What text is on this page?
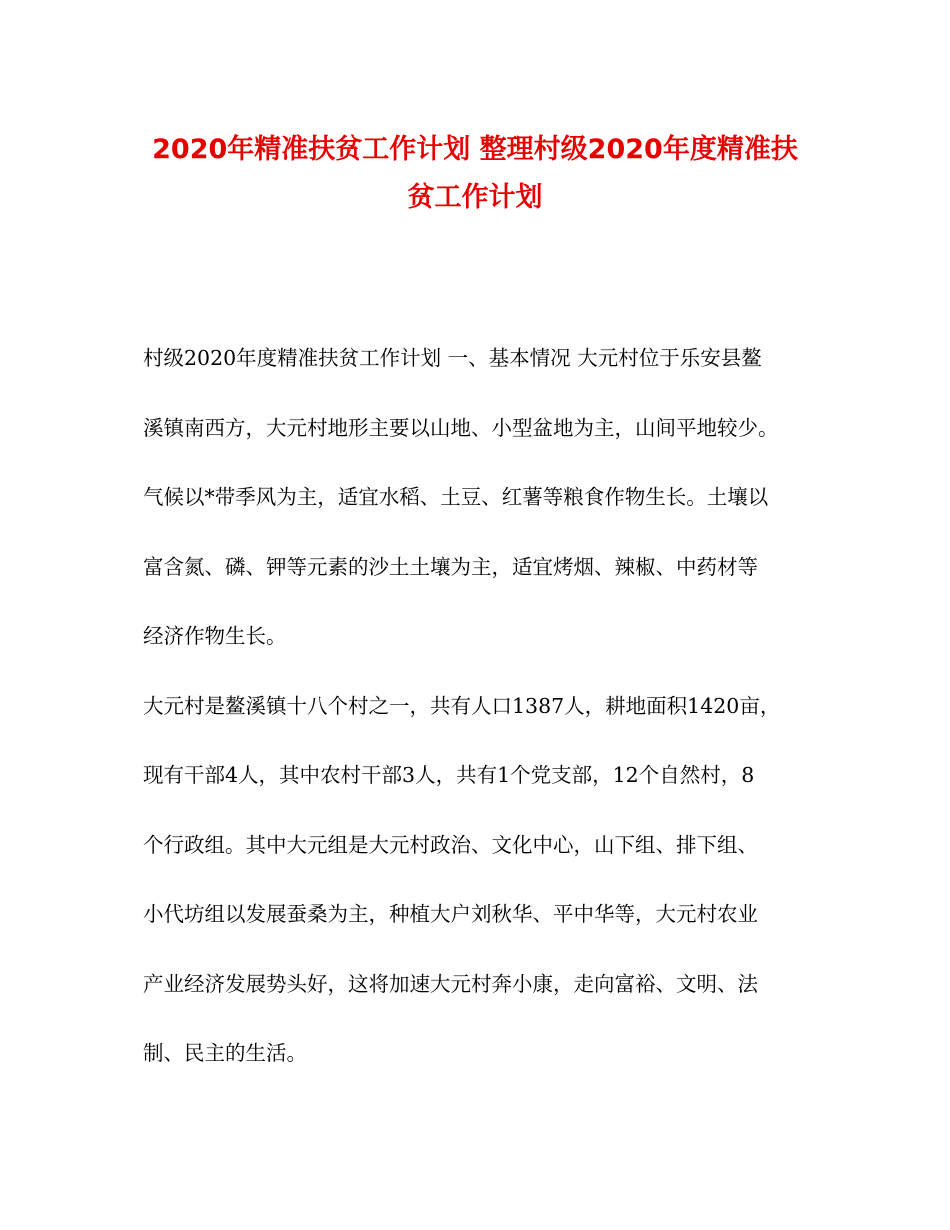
2020年精准扶贫工作计划 整理村级2020年度精准扶
贫工作计划
村级2020年度精准扶贫工作计划 一、基本情况 大元村位于乐安县鳌
溪镇南西方，大元村地形主要以山地、小型盆地为主，山间平地较少。
气候以*带季风为主，适宜水稻、土豆、红薯等粮食作物生长。土壤以
富含氮、磷、钾等元素的沙土土壤为主，适宜烤烟、辣椒、中药材等
经济作物生长。
大元村是鳌溪镇十八个村之一，共有人口1387人，耕地面积1420亩，
现有干部4人，其中农村干部3人，共有1个党支部，12个自然村，8
个行政组。其中大元组是大元村政治、文化中心，山下组、排下组、
小代坊组以发展蚕桑为主，种植大户刘秋华、平中华等，大元村农业
产业经济发展势头好，这将加速大元村奔小康，走向富裕、文明、法
制、民主的生活。
